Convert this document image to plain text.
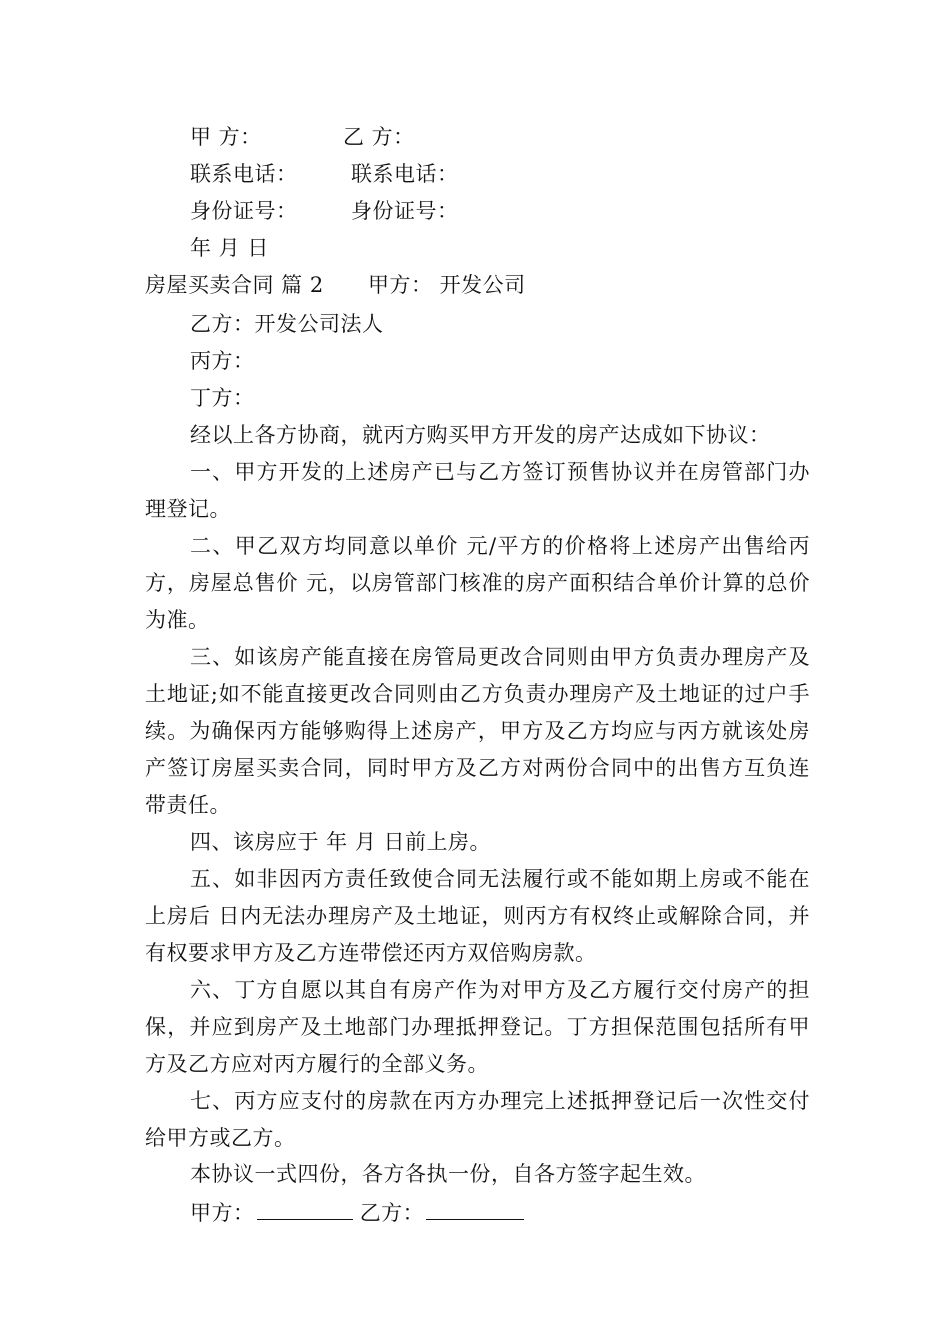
甲 方：	乙 方：
联系电话：	联系电话：
身份证号：	身份证号：
年 月 日
房屋买卖合同 篇 2 甲方： 开发公司
乙方：开发公司法人
丙方：
丁方：
经以上各方协商，就丙方购买甲方开发的房产达成如下协议：
一、甲方开发的上述房产已与乙方签订预售协议并在房管部门办理登记。
二、甲乙双方均同意以单价 元/平方的价格将上述房产出售给丙方，房屋总售价 元，以房管部门核准的房产面积结合单价计算的总价为准。
三、如该房产能直接在房管局更改合同则由甲方负责办理房产及土地证;如不能直接更改合同则由乙方负责办理房产及土地证的过户手续。为确保丙方能够购得上述房产，甲方及乙方均应与丙方就该处房产签订房屋买卖合同，同时甲方及乙方对两份合同中的出售方互负连带责任。
四、该房应于 年 月 日前上房。
五、如非因丙方责任致使合同无法履行或不能如期上房或不能在上房后 日内无法办理房产及土地证，则丙方有权终止或解除合同，并有权要求甲方及乙方连带偿还丙方双倍购房款。
六、丁方自愿以其自有房产作为对甲方及乙方履行交付房产的担保，并应到房产及土地部门办理抵押登记。丁方担保范围包括所有甲方及乙方应对丙方履行的全部义务。
七、丙方应支付的房款在丙方办理完上述抵押登记后一次性交付给甲方或乙方。
本协议一式四份，各方各执一份，自各方签字起生效。
甲方：	乙方：
